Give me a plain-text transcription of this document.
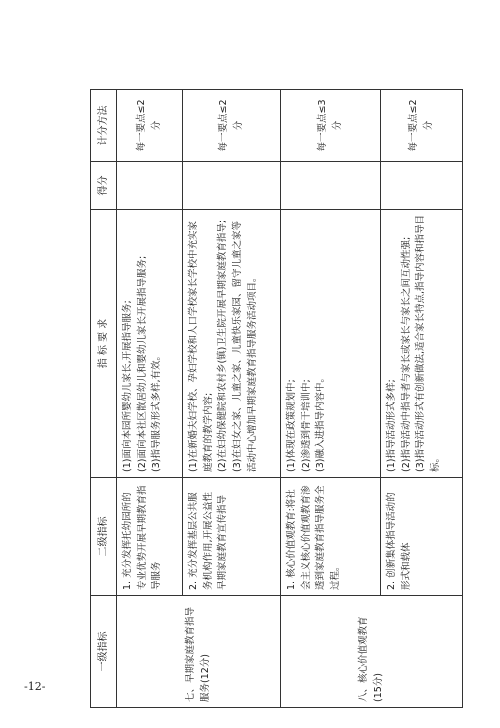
一级指标	二级指标	指 标 要 求	得分	计分方法
七、早期家庭教育指导服务(12分)	1. 充分发挥托幼园所的专业优势开展早期教育指导服务	(1)面向本园所婴幼儿家长,开展指导服务; (2)面向本社区散居幼儿和婴幼儿家长开展指导服务; (3)指导服务形式多样,有效。		每一要点≤2分
	2. 充分发挥基层公共服务机构作用,开展公益性早期家庭教育宣传指导	(1)在新婚夫妇学校、孕妇学校和人口学校家长学校中充实家庭教育的教学内容; (2)在妇幼保健院和农村乡(镇)卫生院开展早期家庭教育指导; (3)在妇女之家、儿童之家、儿童快乐家园、留守儿童之家等活动中心增加早期家庭教育指导服务活动项目。		每一要点≤2分
八、核心价值观教育(15分)	1. 核心价值观教育:将社会主义核心价值观教育渗透到家庭教育指导服务全过程。	(1)体现在政策规划中; (2)渗透到骨干培训中; (3)融入进指导内容中。		每一要点≤3分
	2. 创新集体指导活动的形式和载体	(1)指导活动形式多样; (2)指导活动中指导者与家长或家长与家长之间互动性强; (3)指导活动形式有创新做法,适合家长特点,指导内容和指导目标。		每一要点≤2分
-12-
